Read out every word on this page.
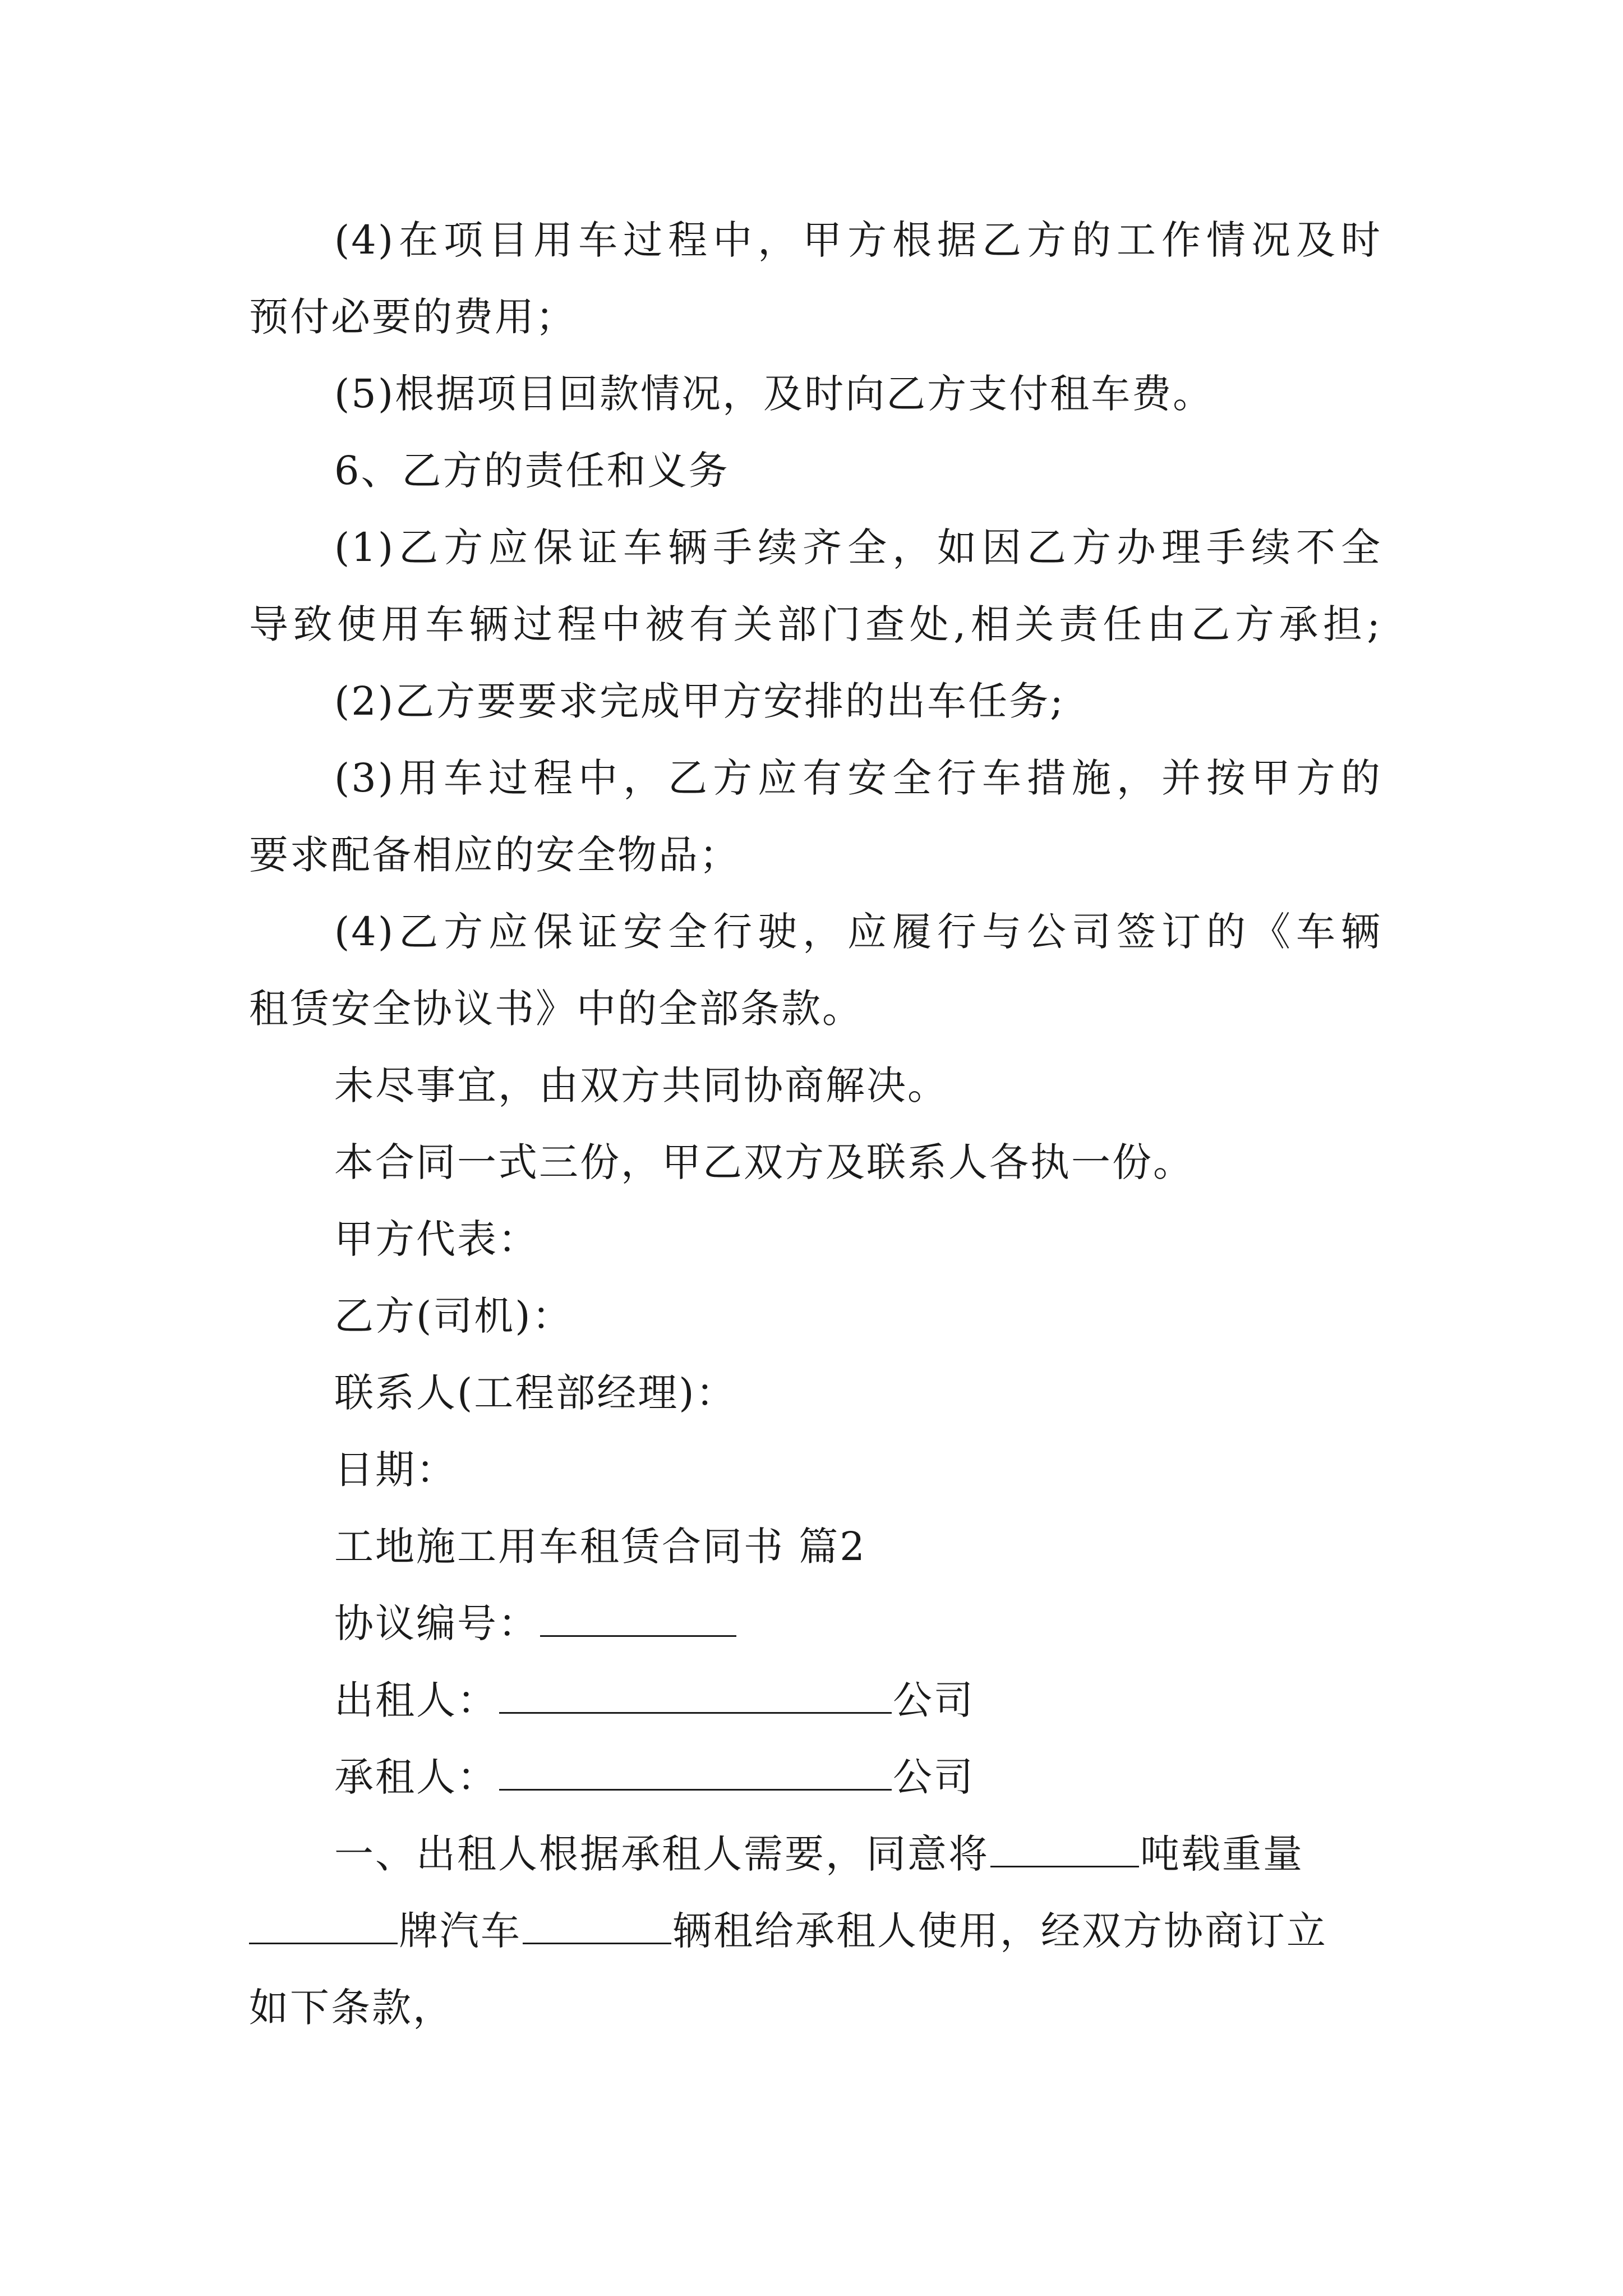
(4)在项目用车过程中，甲方根据乙方的工作情况及时
预付必要的费用；
(5)根据项目回款情况，及时向乙方支付租车费。
6、乙方的责任和义务
(1)乙方应保证车辆手续齐全，如因乙方办理手续不全
导致使用车辆过程中被有关部门查处,相关责任由乙方承担;
(2)乙方要要求完成甲方安排的出车任务;
(3)用车过程中，乙方应有安全行车措施，并按甲方的
要求配备相应的安全物品；
(4)乙方应保证安全行驶，应履行与公司签订的《车辆
租赁安全协议书》中的全部条款。
未尽事宜，由双方共同协商解决。
本合同一式三份，甲乙双方及联系人各执一份。
甲方代表：
乙方(司机)：
联系人(工程部经理)：
日期：
工地施工用车租赁合同书 篇2
协议编号：
出租人：	公司
承租人：	公司
一、出租人根据承租人需要，同意将	吨载重量
牌汽车	辆租给承租人使用，经双方协商订立
如下条款，
